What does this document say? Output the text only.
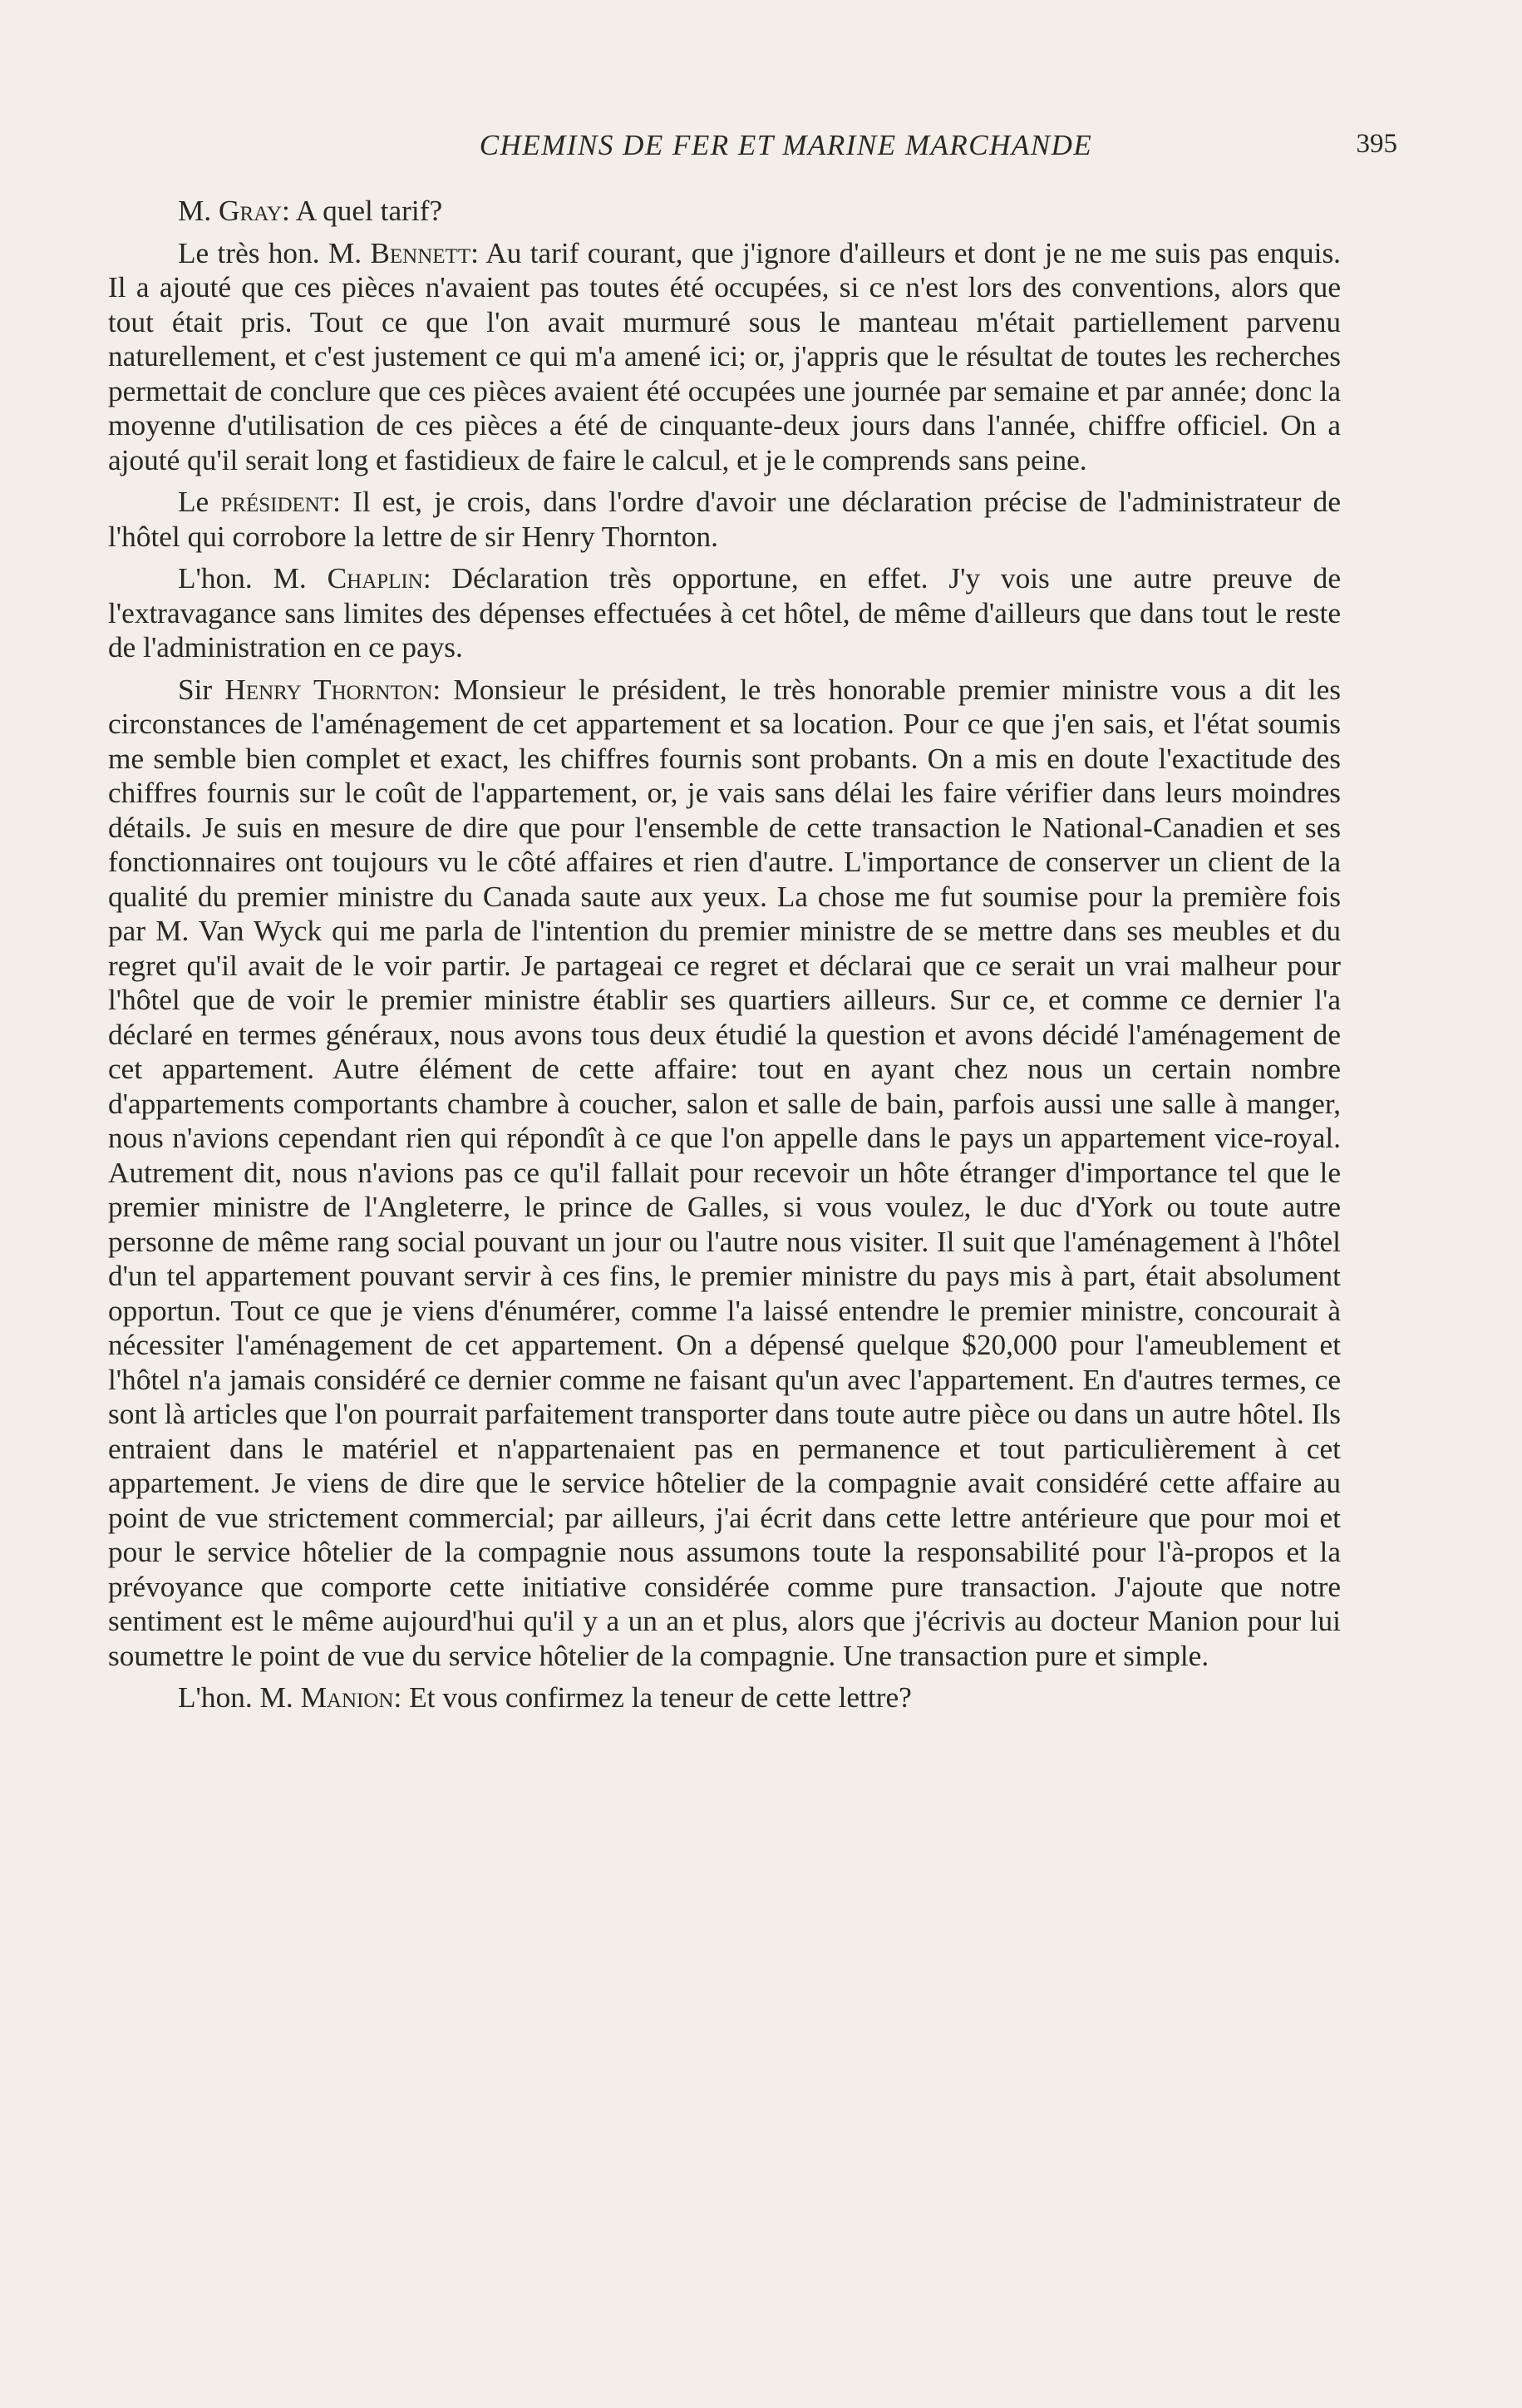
CHEMINS DE FER ET MARINE MARCHANDE	395

M. Gray: A quel tarif?

Le très hon. M. Bennett: Au tarif courant, que j'ignore d'ailleurs et dont je ne me suis pas enquis. Il a ajouté que ces pièces n'avaient pas toutes été occupées, si ce n'est lors des conventions, alors que tout était pris. Tout ce que l'on avait murmuré sous le manteau m'était partiellement parvenu naturellement, et c'est justement ce qui m'a amené ici; or, j'appris que le résultat de toutes les recherches permettait de conclure que ces pièces avaient été occupées une journée par semaine et par année; donc la moyenne d'utilisation de ces pièces a été de cinquante-deux jours dans l'année, chiffre officiel. On a ajouté qu'il serait long et fastidieux de faire le calcul, et je le comprends sans peine.

Le président: Il est, je crois, dans l'ordre d'avoir une déclaration précise de l'administrateur de l'hôtel qui corrobore la lettre de sir Henry Thornton.

L'hon. M. Chaplin: Déclaration très opportune, en effet. J'y vois une autre preuve de l'extravagance sans limites des dépenses effectuées à cet hôtel, de même d'ailleurs que dans tout le reste de l'administration en ce pays.

Sir Henry Thornton: Monsieur le président, le très honorable premier ministre vous a dit les circonstances de l'aménagement de cet appartement et sa location. Pour ce que j'en sais, et l'état soumis me semble bien complet et exact, les chiffres fournis sont probants. On a mis en doute l'exactitude des chiffres fournis sur le coût de l'appartement, or, je vais sans délai les faire vérifier dans leurs moindres détails. Je suis en mesure de dire que pour l'ensemble de cette transaction le National-Canadien et ses fonctionnaires ont toujours vu le côté affaires et rien d'autre. L'importance de conserver un client de la qualité du premier ministre du Canada saute aux yeux. La chose me fut soumise pour la première fois par M. Van Wyck qui me parla de l'intention du premier ministre de se mettre dans ses meubles et du regret qu'il avait de le voir partir. Je partageai ce regret et déclarai que ce serait un vrai malheur pour l'hôtel que de voir le premier ministre établir ses quartiers ailleurs. Sur ce, et comme ce dernier l'a déclaré en termes généraux, nous avons tous deux étudié la question et avons décidé l'aménagement de cet appartement. Autre élément de cette affaire: tout en ayant chez nous un certain nombre d'appartements comportants chambre à coucher, salon et salle de bain, parfois aussi une salle à manger, nous n'avions cependant rien qui répondît à ce que l'on appelle dans le pays un appartement vice-royal. Autrement dit, nous n'avions pas ce qu'il fallait pour recevoir un hôte étranger d'importance tel que le premier ministre de l'Angleterre, le prince de Galles, si vous voulez, le duc d'York ou toute autre personne de même rang social pouvant un jour ou l'autre nous visiter. Il suit que l'aménagement à l'hôtel d'un tel appartement pouvant servir à ces fins, le premier ministre du pays mis à part, était absolument opportun. Tout ce que je viens d'énumérer, comme l'a laissé entendre le premier ministre, concourait à nécessiter l'aménagement de cet appartement. On a dépensé quelque $20,000 pour l'ameublement et l'hôtel n'a jamais considéré ce dernier comme ne faisant qu'un avec l'appartement. En d'autres termes, ce sont là articles que l'on pourrait parfaitement transporter dans toute autre pièce ou dans un autre hôtel. Ils entraient dans le matériel et n'appartenaient pas en permanence et tout particulièrement à cet appartement. Je viens de dire que le service hôtelier de la compagnie avait considéré cette affaire au point de vue strictement commercial; par ailleurs, j'ai écrit dans cette lettre antérieure que pour moi et pour le service hôtelier de la compagnie nous assumons toute la responsabilité pour l'à-propos et la prévoyance que comporte cette initiative considérée comme pure transaction. J'ajoute que notre sentiment est le même aujourd'hui qu'il y a un an et plus, alors que j'écrivis au docteur Manion pour lui soumettre le point de vue du service hôtelier de la compagnie. Une transaction pure et simple.

L'hon. M. Manion: Et vous confirmez la teneur de cette lettre?
